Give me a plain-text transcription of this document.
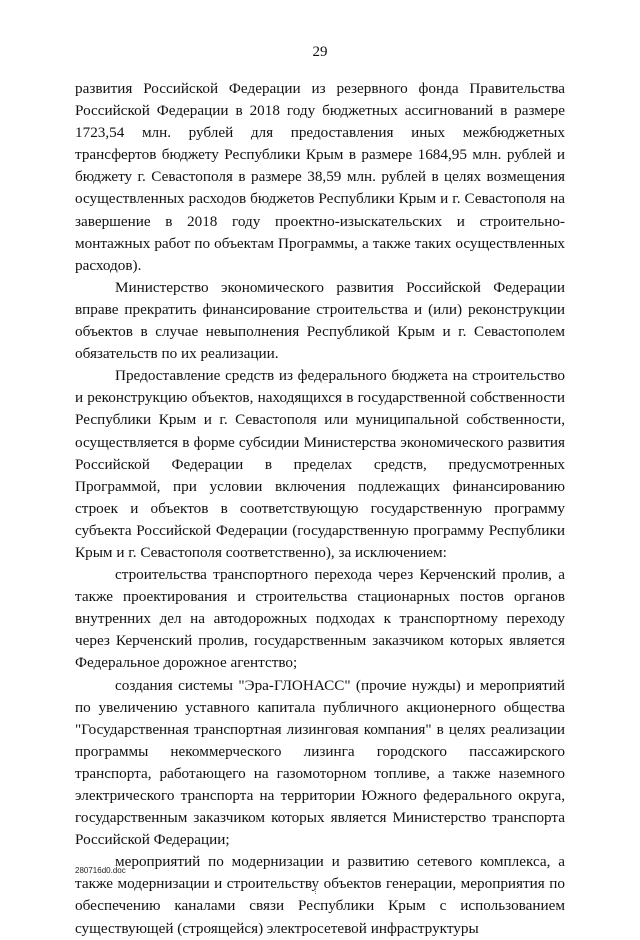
29

развития Российской Федерации из резервного фонда Правительства Российской Федерации в 2018 году бюджетных ассигнований в размере 1723,54 млн. рублей для предоставления иных межбюджетных трансфертов бюджету Республики Крым в размере 1684,95 млн. рублей и бюджету г. Севастополя в размере 38,59 млн. рублей в целях возмещения осуществленных расходов бюджетов Республики Крым и г. Севастополя на завершение в 2018 году проектно-изыскательских и строительно-монтажных работ по объектам Программы, а также таких осуществленных расходов).

Министерство экономического развития Российской Федерации вправе прекратить финансирование строительства и (или) реконструкции объектов в случае невыполнения Республикой Крым и г. Севастополем обязательств по их реализации.

Предоставление средств из федерального бюджета на строительство и реконструкцию объектов, находящихся в государственной собственности Республики Крым и г. Севастополя или муниципальной собственности, осуществляется в форме субсидии Министерства экономического развития Российской Федерации в пределах средств, предусмотренных Программой, при условии включения подлежащих финансированию строек и объектов в соответствующую государственную программу субъекта Российской Федерации (государственную программу Республики Крым и г. Севастополя соответственно), за исключением:

строительства транспортного перехода через Керченский пролив, а также проектирования и строительства стационарных постов органов внутренних дел на автодорожных подходах к транспортному переходу через Керченский пролив, государственным заказчиком которых является Федеральное дорожное агентство;

создания системы "Эра-ГЛОНАСС" (прочие нужды) и мероприятий по увеличению уставного капитала публичного акционерного общества "Государственная транспортная лизинговая компания" в целях реализации программы некоммерческого лизинга городского пассажирского транспорта, работающего на газомоторном топливе, а также наземного электрического транспорта на территории Южного федерального округа, государственным заказчиком которых является Министерство транспорта Российской Федерации;

мероприятий по модернизации и развитию сетевого комплекса, а также модернизации и строительству объектов генерации, мероприятия по обеспечению каналами связи Республики Крым с использованием существующей (строящейся) электросетевой инфраструктуры

280716d0.doc
